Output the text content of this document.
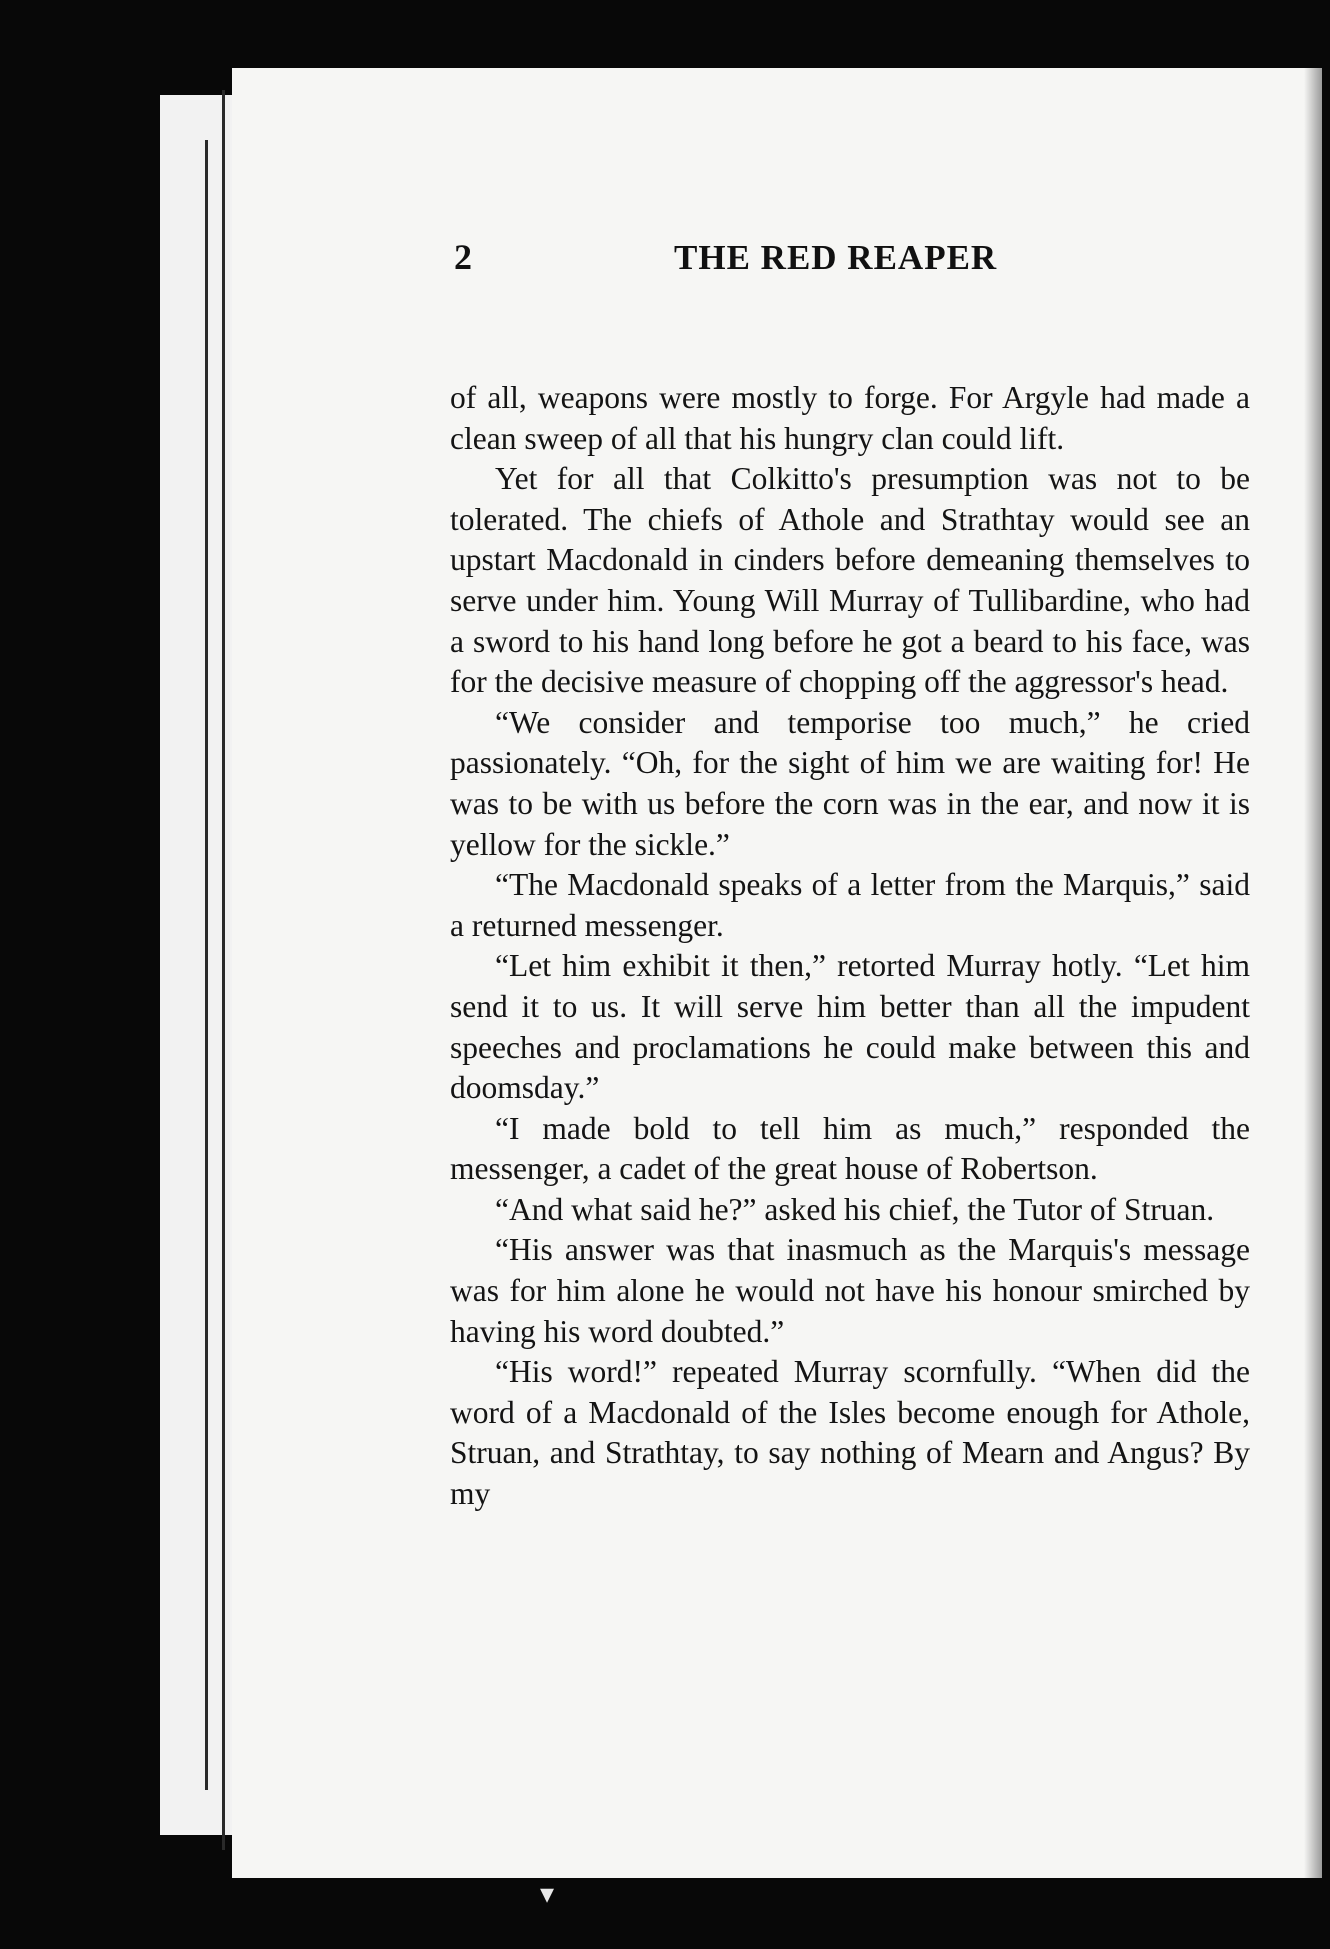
2	THE RED REAPER

of all, weapons were mostly to forge. For Argyle had made a clean sweep of all that his hungry clan could lift.

Yet for all that Colkitto's presumption was not to be tolerated. The chiefs of Athole and Strathtay would see an upstart Macdonald in cinders before demeaning themselves to serve under him. Young Will Murray of Tullibardine, who had a sword to his hand long before he got a beard to his face, was for the decisive measure of chopping off the aggressor's head.

“We consider and temporise too much,” he cried passionately. “Oh, for the sight of him we are waiting for! He was to be with us before the corn was in the ear, and now it is yellow for the sickle.”

“The Macdonald speaks of a letter from the Marquis,” said a returned messenger.

“Let him exhibit it then,” retorted Murray hotly. “Let him send it to us. It will serve him better than all the impudent speeches and proclamations he could make between this and doomsday.”

“I made bold to tell him as much,” responded the messenger, a cadet of the great house of Robertson.

“And what said he?” asked his chief, the Tutor of Struan.

“His answer was that inasmuch as the Marquis's message was for him alone he would not have his honour smirched by having his word doubted.”

“His word!” repeated Murray scornfully. “When did the word of a Macdonald of the Isles become enough for Athole, Struan, and Strathtay, to say nothing of Mearn and Angus? By my

▾
